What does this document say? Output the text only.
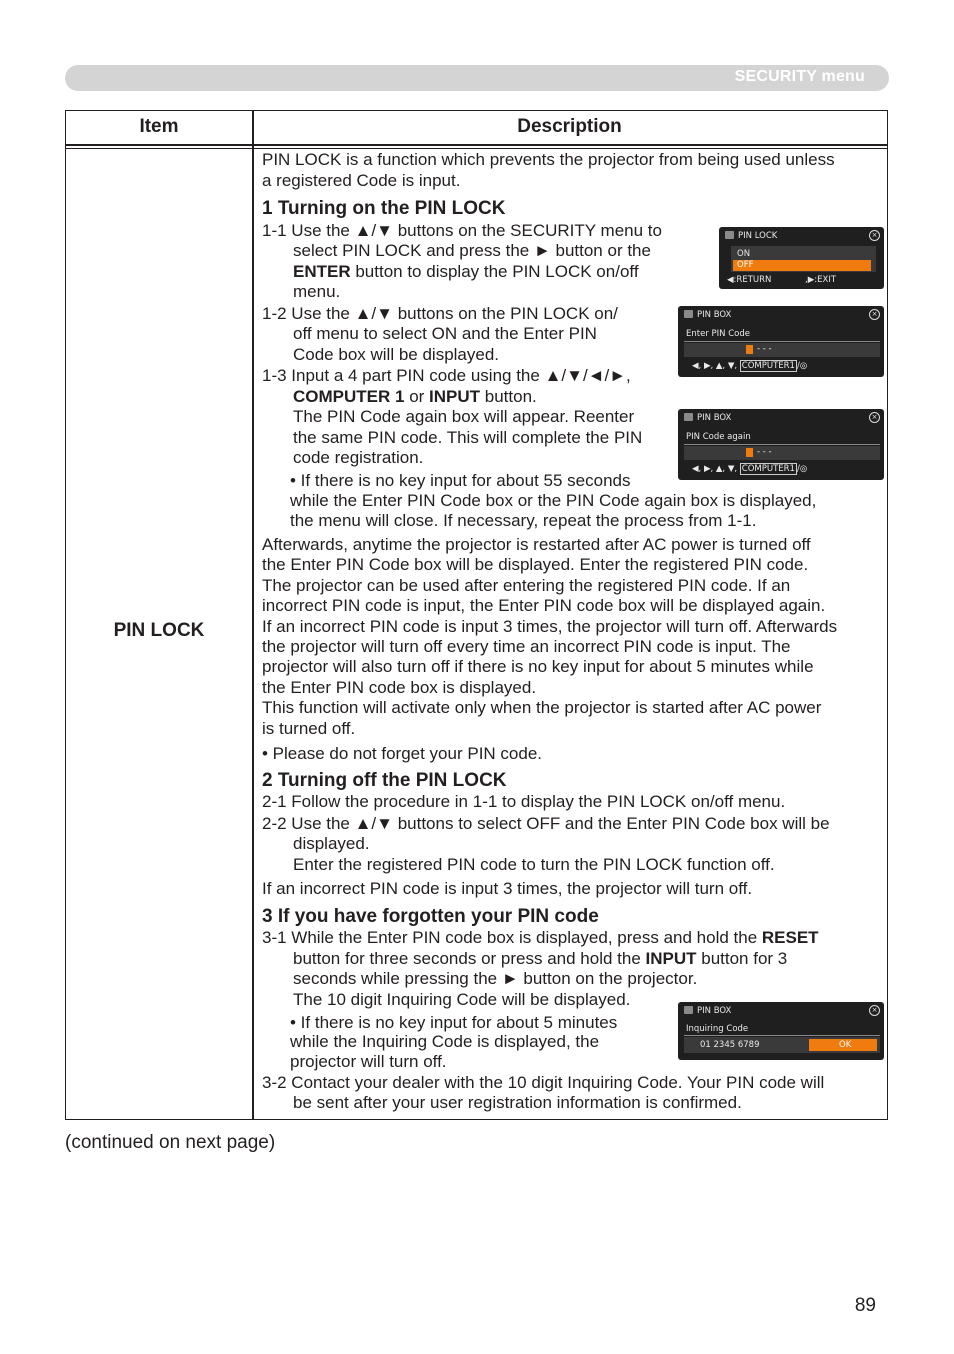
SECURITY menu
Item	Description
PIN LOCK
PIN LOCK is a function which prevents the projector from being used unless
a registered Code is input.
1 Turning on the PIN LOCK
1-1 Use the ▲/▼ buttons on the SECURITY menu to
select PIN LOCK and press the ► button or the
ENTER button to display the PIN LOCK on/off
menu.
1-2 Use the ▲/▼ buttons on the PIN LOCK on/
off menu to select ON and the Enter PIN
Code box will be displayed.
1-3 Input a 4 part PIN code using the ▲/▼/◄/►,
COMPUTER 1 or INPUT button.
The PIN Code again box will appear. Reenter
the same PIN code. This will complete the PIN
code registration.
• If there is no key input for about 55 seconds
while the Enter PIN Code box or the PIN Code again box is displayed,
the menu will close. If necessary, repeat the process from 1-1.
Afterwards, anytime the projector is restarted after AC power is turned off
the Enter PIN Code box will be displayed. Enter the registered PIN code.
The projector can be used after entering the registered PIN code. If an
incorrect PIN code is input, the Enter PIN code box will be displayed again.
If an incorrect PIN code is input 3 times, the projector will turn off. Afterwards
the projector will turn off every time an incorrect PIN code is input. The
projector will also turn off if there is no key input for about 5 minutes while
the Enter PIN code box is displayed.
This function will activate only when the projector is started after AC power
is turned off.
• Please do not forget your PIN code.
2 Turning off the PIN LOCK
2-1 Follow the procedure in 1-1 to display the PIN LOCK on/off menu.
2-2 Use the ▲/▼ buttons to select OFF and the Enter PIN Code box will be
displayed.
Enter the registered PIN code to turn the PIN LOCK function off.
If an incorrect PIN code is input 3 times, the projector will turn off.
3 If you have forgotten your PIN code
3-1 While the Enter PIN code box is displayed, press and hold the RESET
button for three seconds or press and hold the INPUT button for 3
seconds while pressing the ► button on the projector.
The 10 digit Inquiring Code will be displayed.
• If there is no key input for about 5 minutes
while the Inquiring Code is displayed, the
projector will turn off.
3-2 Contact your dealer with the 10 digit Inquiring Code. Your PIN code will
be sent after your user registration information is confirmed.
PIN LOCK	×
ON
OFF
◀:RETURN	,▶:EXIT
PIN BOX	×
Enter PIN Code
- - -
◀, ▶, ▲, ▼, COMPUTER1 /◎
PIN BOX	×
PIN Code again
- - -
◀, ▶, ▲, ▼, COMPUTER1 /◎
PIN BOX	×
Inquiring Code
01 2345 6789	OK
(continued on next page)
89
